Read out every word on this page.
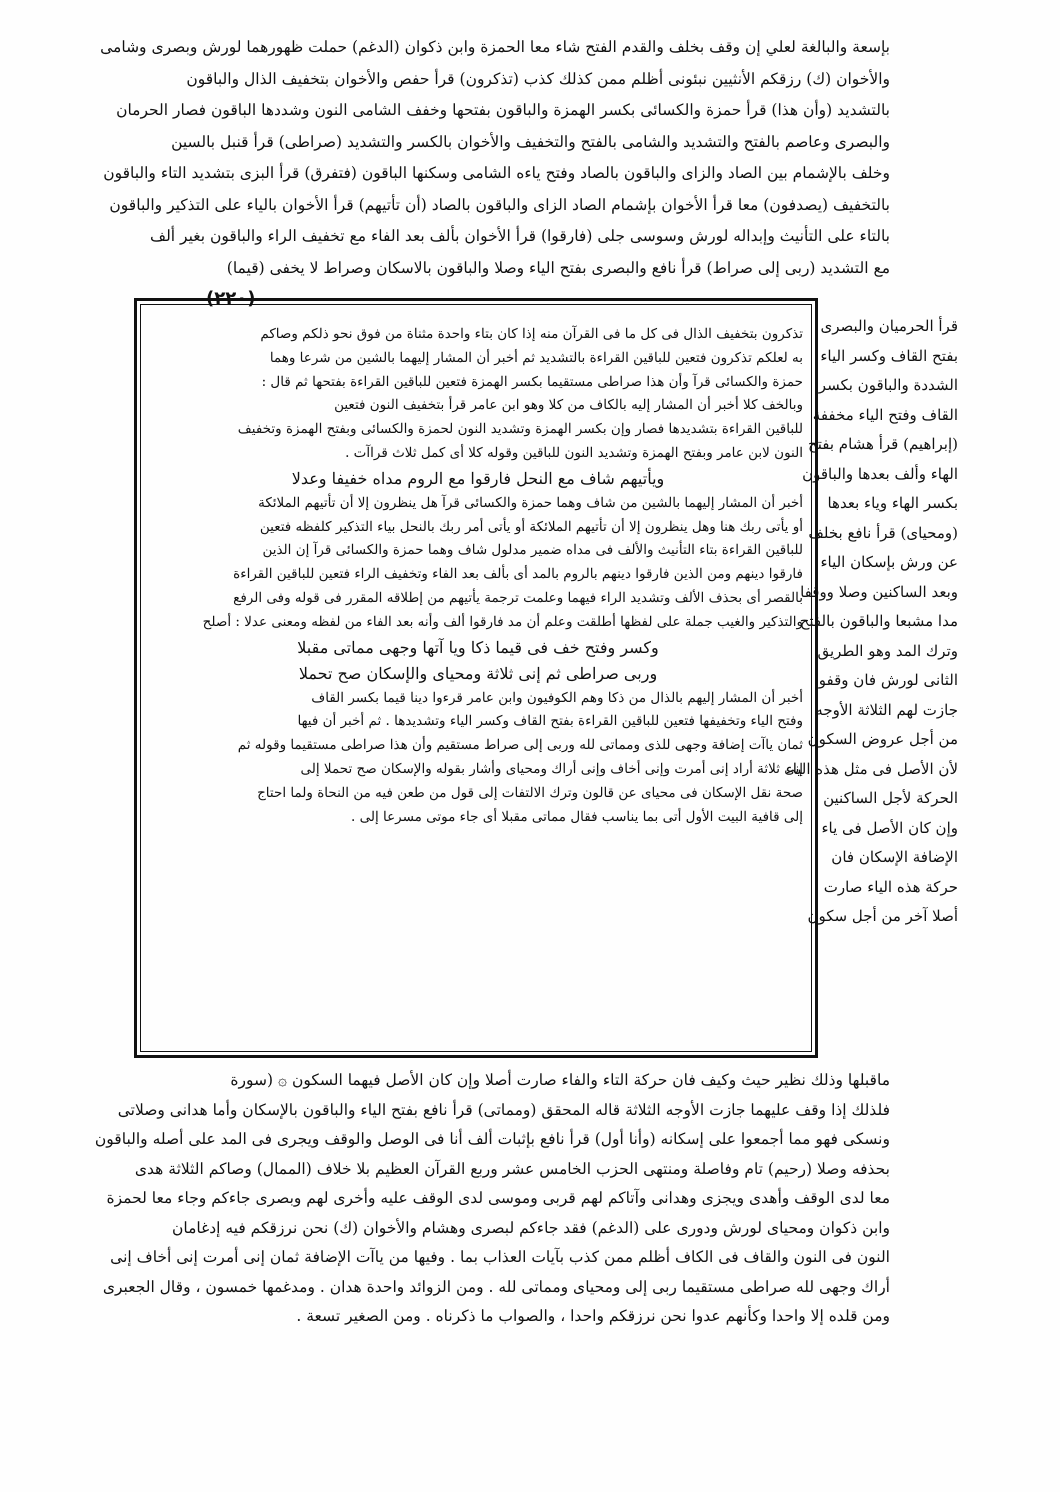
بإسعة والبالغة لعلي إن وقف بخلف والقدم الفتح شاء معا الحمزة وابن ذكوان (الدغم) حملت ظهورهما لورش وبصرى وشامى

والأخوان (ك) رزقكم الأنثيين نبئونى أظلم ممن كذلك كذب (تذكرون) قرأ حفص والأخوان بتخفيف الذال والباقون

بالتشديد (وأن هذا) قرأ حمزة والكسائى بكسر الهمزة والباقون بفتحها وخفف الشامى النون وشددها الباقون فصار الحرمان

والبصرى وعاصم بالفتح والتشديد والشامى بالفتح والتخفيف والأخوان بالكسر والتشديد (صراطى) قرأ قنبل بالسين

وخلف بالإشمام بين الصاد والزاى والباقون بالصاد وفتح ياءه الشامى وسكنها الباقون (فتفرق) قرأ البزى بتشديد التاء والباقون

بالتخفيف (يصدفون) معا قرأ الأخوان بإشمام الصاد الزاى والباقون بالصاد (أن تأتيهم) قرأ الأخوان بالياء على التذكير والباقون

بالتاء على التأنيث وإبداله لورش وسوسى جلى (فارقوا) قرأ الأخوان بألف بعد الفاء مع تخفيف الراء والباقون بغير ألف

مع التشديد (ربى إلى صراط) قرأ نافع والبصرى بفتح الياء وصلا والباقون بالاسكان وصراط لا يخفى (قيما)

(٢٢٠)

تذكرون بتخفيف الذال فى كل ما فى القرآن منه إذا كان بتاء واحدة مثناة من فوق نحو ذلكم وصاكم

به لعلكم تذكرون فتعين للباقين القراءة بالتشديد ثم أخبر أن المشار إليهما بالشين من شرعا وهما

حمزة والكسائى قرآ وأن هذا صراطى مستقيما بكسر الهمزة فتعين للباقين القراءة بفتحها ثم قال :

وبالخف كلا أخبر أن المشار إليه بالكاف من كلا وهو ابن عامر قرأ بتخفيف النون فتعين

للباقين القراءة بتشديدها فصار وإن بكسر الهمزة وتشديد النون لحمزة والكسائى وبفتح الهمزة وتخفيف

النون لابن عامر وبفتح الهمزة وتشديد النون للباقين وقوله كلا أى كمل ثلاث قراآت .

ويأتيهم شاف مع النحل فارقوا مع الروم مداه خفيفا وعدلا

أخبر أن المشار إليهما بالشين من شاف وهما حمزة والكسائى قرآ هل ينظرون إلا أن تأتيهم الملائكة

أو يأتى ربك هنا وهل ينظرون إلا أن تأتيهم الملائكة أو يأتى أمر ربك بالنحل بياء التذكير كلفظه فتعين

للباقين القراءة بتاء التأنيث والألف فى مداه ضمير مدلول شاف وهما حمزة والكسائى قرآ إن الذين

فارقوا دينهم ومن الذين فارقوا دينهم بالروم بالمد أى بألف بعد الفاء وتخفيف الراء فتعين للباقين القراءة

بالقصر أى بحذف الألف وتشديد الراء فيهما وعلمت ترجمة يأتيهم من إطلاقه المقرر فى قوله وفى الرفع

والتذكير والغيب جملة على لفظها أطلقت وعلم أن مد فارقوا ألف وأنه بعد الفاء من لفظه ومعنى عدلا : أصلح

وكسر وفتح خف فى قيما ذكا ويا آتها وجهى مماتى مقبلا

وربى صراطى ثم إنى ثلاثة ومحياى والإسكان صح تحملا

أخبر أن المشار إليهم بالذال من ذكا وهم الكوفيون وابن عامر قرءوا دينا قيما بكسر القاف

وفتح الياء وتخفيفها فتعين للباقين القراءة بفتح القاف وكسر الياء وتشديدها . ثم أخبر أن فيها

ثمان ياآت إضافة وجهى للذى ومماتى لله وربى إلى صراط مستقيم وأن هذا صراطى مستقيما وقوله ثم

إنى ثلاثة أراد إنى أمرت وإنى أخاف وإنى أراك ومحياى وأشار بقوله والإسكان صح تحملا إلى

صحة نقل الإسكان فى محياى عن قالون وترك الالتفات إلى قول من طعن فيه من النحاة ولما احتاج

إلى قافية البيت الأول أتى بما يناسب فقال مماتى مقبلا أى جاء موتى مسرعا إلى .

قرأ الحرميان والبصرى

بفتح القاف وكسر الياء

الشددة والباقون بكسر

القاف وفتح الياء مخففة

(إبراهيم) قرأ هشام بفتح

الهاء وألف بعدها والباقون

بكسر الهاء وياء بعدها

(ومحياى) قرأ نافع بخلف

عن ورش بإسكان الياء

وبعد الساكنين وصلا ووقفا

مدا مشبعا والباقون بالفتح

وترك المد وهو الطريق

الثانى لورش فان وقفوا

جازت لهم الثلاثة الأوجه

من أجل عروض السكون

لأن الأصل فى مثل هذه الياء

الحركة لأجل الساكنين

وإن كان الأصل فى ياء

الإضافة الإسكان فان

حركة هذه الياء صارت

أصلا آخر من أجل سكون

ماقبلها وذلك نظير حيث وكيف فان حركة التاء والفاء صارت أصلا وإن كان الأصل فيهما السكون ۞ (سورة

فلذلك إذا وقف عليهما جازت الأوجه الثلاثة قاله المحقق (ومماتى) قرأ نافع بفتح الياء والباقون بالإسكان وأما هدانى وصلاتى

ونسكى فهو مما أجمعوا على إسكانه (وأنا أول) قرأ نافع بإثبات ألف أنا فى الوصل والوقف ويجرى فى المد على أصله والباقون

بحذفه وصلا (رحيم) تام وفاصلة ومنتهى الحزب الخامس عشر وربع القرآن العظيم بلا خلاف (الممال) وصاكم الثلاثة هدى

معا لدى الوقف وأهدى ويجزى وهدانى وآتاكم لهم قربى وموسى لدى الوقف عليه وأخرى لهم وبصرى جاءكم وجاء معا لحمزة

وابن ذكوان ومحياى لورش ودورى على (الدغم) فقد جاءكم لبصرى وهشام والأخوان (ك) نحن نرزقكم فيه إدغامان

النون فى النون والقاف فى الكاف أظلم ممن كذب بآيات العذاب بما . وفيها من ياآت الإضافة ثمان إنى أمرت إنى أخاف إنى

أراك وجهى لله صراطى مستقيما ربى إلى ومحياى ومماتى لله . ومن الزوائد واحدة هدان . ومدغمها خمسون ، وقال الجعبرى

ومن قلده إلا واحدا وكأنهم عدوا نحن نرزقكم واحدا ، والصواب ما ذكرناه . ومن الصغير تسعة .
